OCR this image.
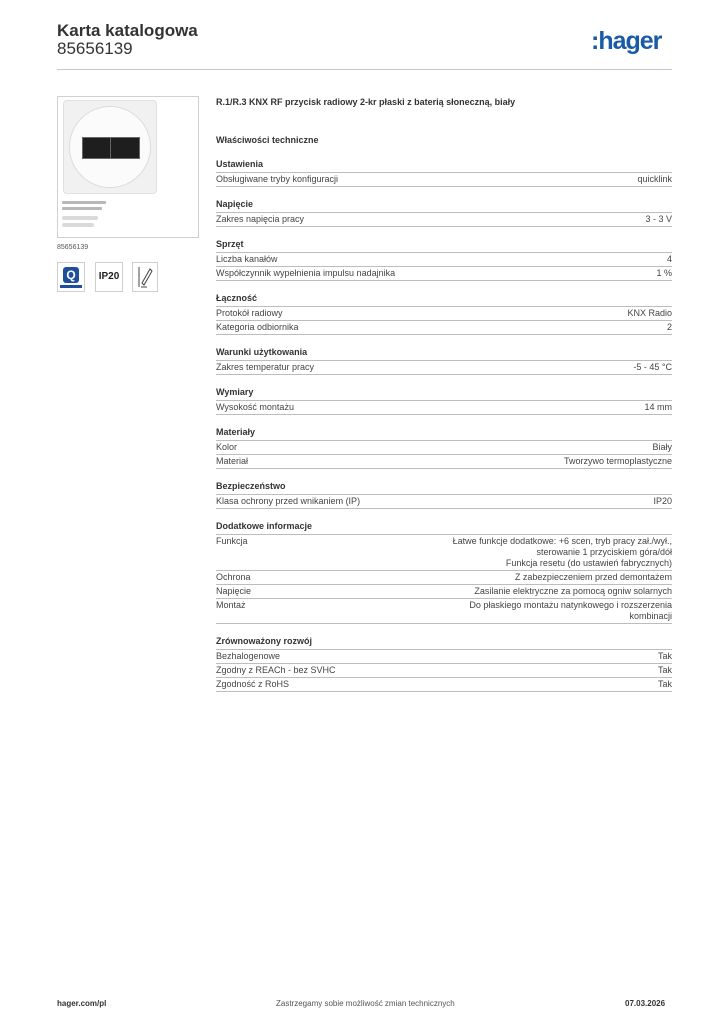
Karta katalogowa
85656139	:hager
85656139
Q	IP20
R.1/R.3 KNX RF przycisk radiowy 2-kr płaski z baterią słoneczną, biały
Właściwości techniczne
Ustawienia
Obsługiwane tryby konfiguracji	quicklink
Napięcie
Zakres napięcia pracy	3 - 3 V
Sprzęt
Liczba kanałów	4
Współczynnik wypełnienia impulsu nadajnika	1 %
Łączność
Protokół radiowy	KNX Radio
Kategoria odbiornika	2
Warunki użytkowania
Zakres temperatur pracy	-5 - 45 °C
Wymiary
Wysokość montażu	14 mm
Materiały
Kolor	Biały
Materiał	Tworzywo termoplastyczne
Bezpieczeństwo
Klasa ochrony przed wnikaniem (IP)	IP20
Dodatkowe informacje
Funkcja	Łatwe funkcje dodatkowe: +6 scen, tryb pracy zał./wył.,
sterowanie 1 przyciskiem góra/dół
Funkcja resetu (do ustawień fabrycznych)
Ochrona	Z zabezpieczeniem przed demontażem
Napięcie	Zasilanie elektryczne za pomocą ogniw solarnych
Montaż	Do płaskiego montażu natynkowego i rozszerzenia
kombinacji
Zrównoważony rozwój
Bezhalogenowe	Tak
Zgodny z REACh - bez SVHC	Tak
Zgodność z RoHS	Tak
hager.com/pl	Zastrzegamy sobie możliwość zmian technicznych	07.03.2026
